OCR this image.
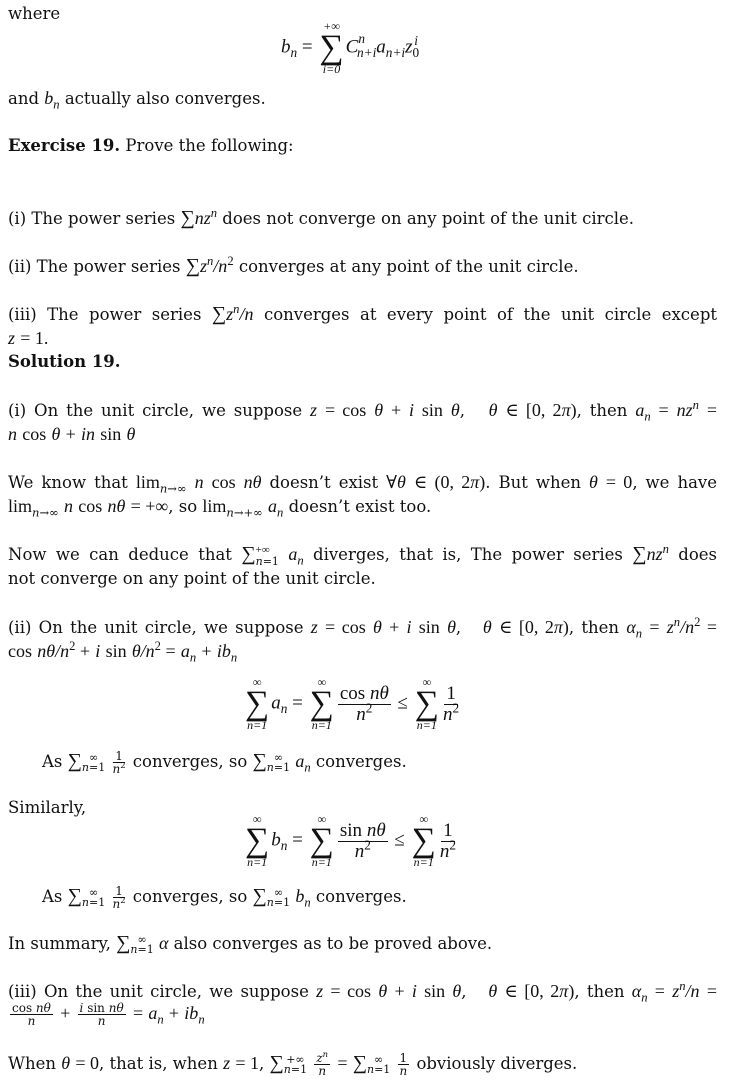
where
$b_n$ =
+∞
∑
i=0
$C^n_{n+i}a_{n+i}z_0^i$
and $b_n$ actually also converges.
Exercise 19. Prove the following:
(i) The power series $\sum nz^n$ does not converge on any point of the unit circle.
(ii) The power series $\sum z^n/n^2$ converges at any point of the unit circle.
(iii) The power series $\sum z^n/n$ converges at every point of the unit circle except
z = 1.
Solution 19.
(i) On the unit circle, we suppose z = cos θ + i sin θ,   θ ∈ [0, 2π), then $a_n = nz^n$ =
n cos θ + in sin θ
We know that $\lim_{n\to\infty} n$ cos nθ doesn’t exist ∀θ ∈ (0, 2π). But when θ = 0, we have
$\lim_{n\to\infty} n$ cos nθ = +∞, so $\lim_{n\to+\infty} a_n$ doesn’t exist too.
Now we can deduce that ∑+∞
n=1 $a_n$ diverges, that is, The power series $\sum nz^n$ does
not converge on any point of the unit circle.
(ii) On the unit circle, we suppose z = cos θ + i sin θ,   θ ∈ [0, 2π), then $\alpha_n = z^n/n^2$ =
$\cos n\theta/n^2 + i$ $\sin \theta/n^2 = a_n + ib_n$
∞
∑
n=1
$a_n$ =
∞
∑
n=1
$\frac{\text{cos nθ}}{n^2}$ ≤
∞
∑
n=1
$\frac{1}{n^2}$
As ∑ ∞
$n=1 \frac{1}{n^2}$ converges, so ∑ ∞
n=1 $a_n$ converges.
Similarly,
∞
∑
n=1
$b_n$ =
∞
∑
n=1
$\frac{\text{sin nθ}}{n^2}$ ≤
∞
∑
n=1
$\frac{1}{n^2}$
As ∑ ∞
$n=1 \frac{1}{n^2}$ converges, so ∑ ∞
n=1 $b_n$ converges.
In summary, ∑ ∞
n=1 α also converges as to be proved above.
(iii) On the unit circle, we suppose z = cos θ + i sin θ,   θ ∈ [0, 2π), then $\alpha_n = z^n/n$ =
$\frac{\text{cos nθ}}{n} + \frac{\text{i sin nθ}}{n} = a_n + ib_n$
When θ = 0, that is, when z = 1, ∑ +∞
$n=1 \frac{z^n}{n}$ = ∑ ∞
$n=1 \frac{1}{n}$ obviously diverges.
